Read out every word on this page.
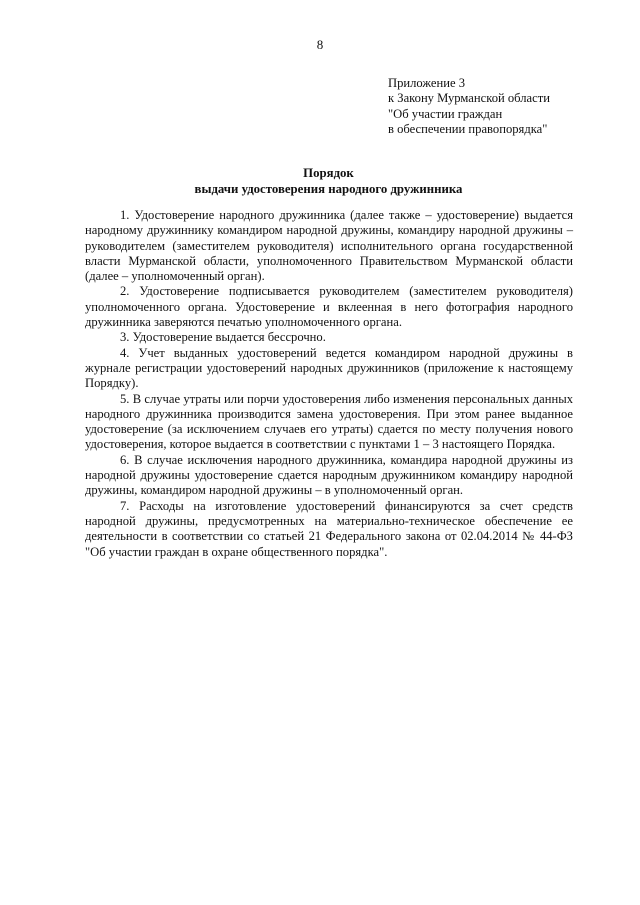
8
Приложение 3
к Закону Мурманской области
"Об участии граждан
в обеспечении правопорядка"
Порядок
выдачи удостоверения народного дружинника

1. Удостоверение народного дружинника (далее также – удостоверение) выдается народному дружиннику командиром народной дружины, командиру народной дружины – руководителем (заместителем руководителя) исполнительного органа государственной власти Мурманской области, уполномоченного Правительством Мурманской области (далее – уполномоченный орган).

2. Удостоверение подписывается руководителем (заместителем руководителя) уполномоченного органа. Удостоверение и вклеенная в него фотография народного дружинника заверяются печатью уполномоченного органа.

3. Удостоверение выдается бессрочно.

4. Учет выданных удостоверений ведется командиром народной дружины в журнале регистрации удостоверений народных дружинников (приложение к настоящему Порядку).

5. В случае утраты или порчи удостоверения либо изменения персональных данных народного дружинника производится замена удостоверения. При этом ранее выданное удостоверение (за исключением случаев его утраты) сдается по месту получения нового удостоверения, которое выдается в соответствии с пунктами 1 – 3 настоящего Порядка.

6. В случае исключения народного дружинника, командира народной дружины из народной дружины удостоверение сдается народным дружинником командиру народной дружины, командиром народной дружины – в уполномоченный орган.

7. Расходы на изготовление удостоверений финансируются за счет средств народной дружины, предусмотренных на материально-техническое обеспечение ее деятельности в соответствии со статьей 21 Федерального закона от 02.04.2014 № 44-ФЗ "Об участии граждан в охране общественного порядка".
